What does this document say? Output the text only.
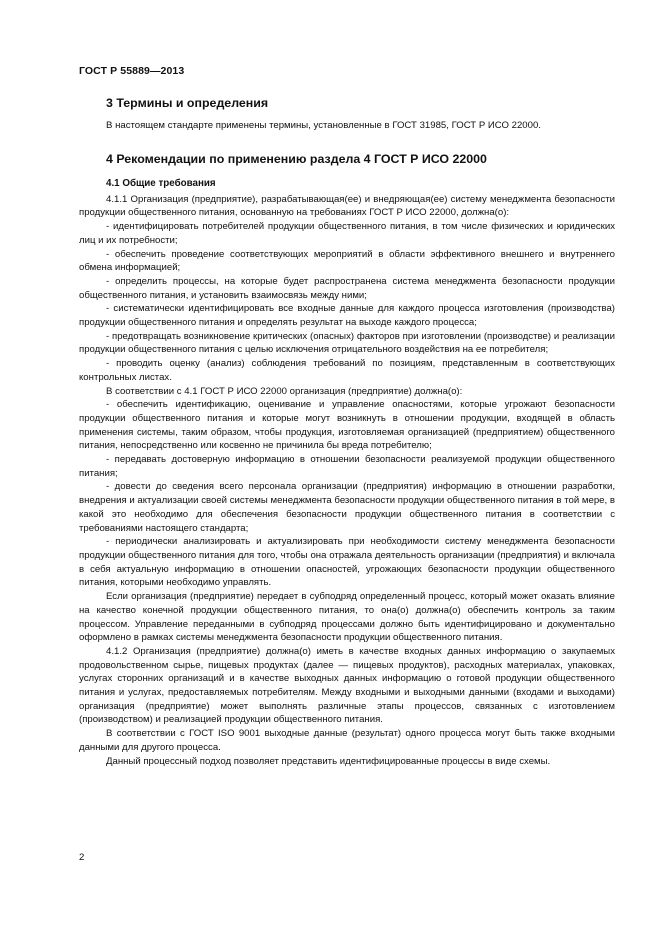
ГОСТ Р 55889—2013
3 Термины и определения

В настоящем стандарте применены термины, установленные в ГОСТ 31985, ГОСТ Р ИСО 22000.

4 Рекомендации по применению раздела 4 ГОСТ Р ИСО 22000
4.1 Общие требования

4.1.1 Организация (предприятие), разрабатывающая(ее) и внедряющая(ее) систему менеджмента безопасности продукции общественного питания, основанную на требованиях ГОСТ Р ИСО 22000, должна(о):

- идентифицировать потребителей продукции общественного питания, в том числе физических и юридических лиц и их потребности;

- обеспечить проведение соответствующих мероприятий в области эффективного внешнего и внутреннего обмена информацией;

- определить процессы, на которые будет распространена система менеджмента безопасности продукции общественного питания, и установить взаимосвязь между ними;

- систематически идентифицировать все входные данные для каждого процесса изготовления (производства) продукции общественного питания и определять результат на выходе каждого процесса;

- предотвращать возникновение критических (опасных) факторов при изготовлении (производстве) и реализации продукции общественного питания с целью исключения отрицательного воздействия на ее потребителя;

- проводить оценку (анализ) соблюдения требований по позициям, представленным в соответствующих контрольных листах.

В соответствии с 4.1 ГОСТ Р ИСО 22000 организация (предприятие) должна(о):

- обеспечить идентификацию, оценивание и управление опасностями, которые угрожают безопасности продукции общественного питания и которые могут возникнуть в отношении продукции, входящей в область применения системы, таким образом, чтобы продукция, изготовляемая организацией (предприятием) общественного питания, непосредственно или косвенно не причинила бы вреда потребителю;

- передавать достоверную информацию в отношении безопасности реализуемой продукции общественного питания;

- довести до сведения всего персонала организации (предприятия) информацию в отношении разработки, внедрения и актуализации своей системы менеджмента безопасности продукции общественного питания в той мере, в какой это необходимо для обеспечения безопасности продукции общественного питания в соответствии с требованиями настоящего стандарта;

- периодически анализировать и актуализировать при необходимости систему менеджмента безопасности продукции общественного питания для того, чтобы она отражала деятельность организации (предприятия) и включала в себя актуальную информацию в отношении опасностей, угрожающих безопасности продукции общественного питания, которыми необходимо управлять.

Если организация (предприятие) передает в субподряд определенный процесс, который может оказать влияние на качество конечной продукции общественного питания, то она(о) должна(о) обеспечить контроль за таким процессом. Управление переданными в субподряд процессами должно быть идентифицировано и документально оформлено в рамках системы менеджмента безопасности продукции общественного питания.

4.1.2 Организация (предприятие) должна(о) иметь в качестве входных данных информацию о закупаемых продовольственном сырье, пищевых продуктах (далее — пищевых продуктов), расходных материалах, упаковках, услугах сторонних организаций и в качестве выходных данных информацию о готовой продукции общественного питания и услугах, предоставляемых потребителям. Между входными и выходными данными (входами и выходами) организация (предприятие) может выполнять различные этапы процессов, связанных с изготовлением (производством) и реализацией продукции общественного питания.

В соответствии с ГОСТ ISO 9001 выходные данные (результат) одного процесса могут быть также входными данными для другого процесса.

Данный процессный подход позволяет представить идентифицированные процессы в виде схемы.

2
